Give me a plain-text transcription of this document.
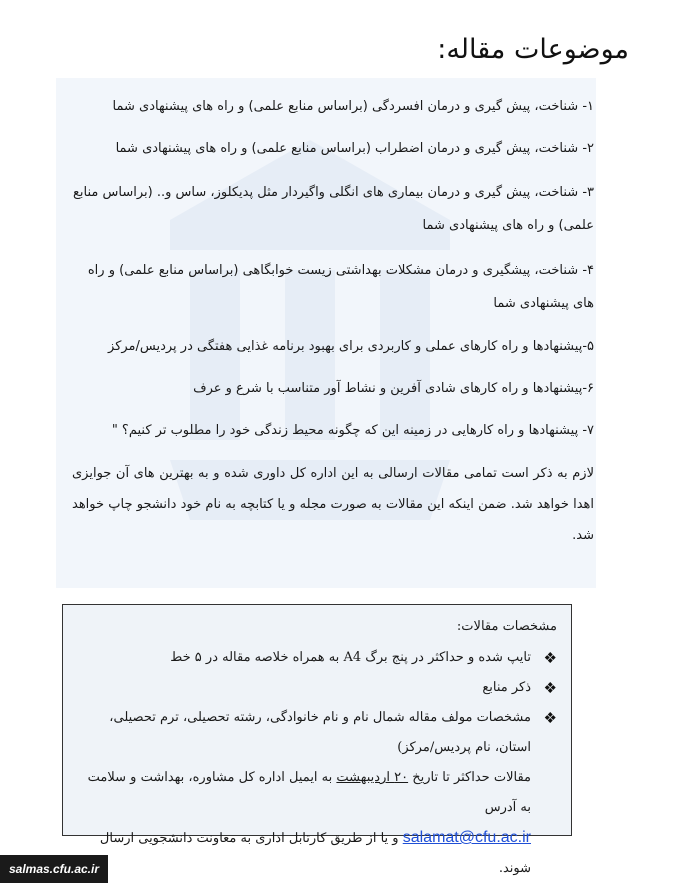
موضوعات مقاله:
۱- شناخت، پیش گیری و درمان افسردگی (براساس منابع علمی) و راه های پیشنهادی شما
۲- شناخت، پیش گیری و درمان اضطراب (براساس منابع علمی) و راه های پیشنهادی شما
۳- شناخت، پیش گیری و درمان بیماری های انگلی واگیردار مثل پدیکلوز، ساس و.. (براساس منابع علمی) و راه های پیشنهادی شما
۴- شناخت، پیشگیری و درمان مشکلات بهداشتی زیست خوابگاهی (براساس منابع علمی) و راه های پیشنهادی شما
۵-پیشنهادها و راه کارهای عملی و کاربردی برای بهبود برنامه غذایی هفتگی در پردیس/مرکز
۶-پیشنهادها و راه کارهای شادی آفرین و نشاط آور متناسب با شرع و عرف
۷- پیشنهادها و راه کارهایی در زمینه این که چگونه محیط زندگی خود را مطلوب تر کنیم؟ "
لازم به ذکر است تمامی مقالات ارسالی به این اداره کل داوری شده و به بهترین های آن جوایزی اهدا خواهد شد. ضمن اینکه این مقالات به صورت مجله و یا کتابچه به نام خود دانشجو چاپ خواهد شد.
مشخصات مقالات:
❖
تایپ شده و حداکثر در پنج برگ A4 به همراه خلاصه مقاله در ۵ خط
❖
ذکر منابع
❖
مشخصات مولف مقاله شمال نام و نام خانوادگی، رشته تحصیلی، ترم تحصیلی، استان، نام پردیس/مرکز)
مقالات حداکثر تا تاریخ ۲۰ اردیبهشت به ایمیل اداره کل مشاوره، بهداشت و سلامت به آدرس
salamat@cfu.ac.ir و یا از طریق کارتابل اداری به معاونت دانشجویی ارسال شوند.
salmas.cfu.ac.ir
